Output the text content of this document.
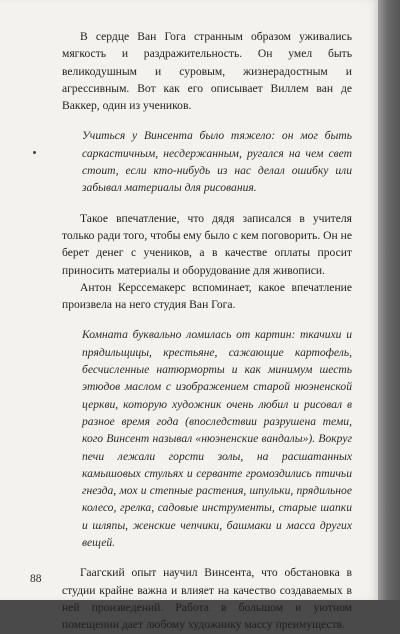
В сердце Ван Гога странным образом уживались мягкость и раздражительность. Он умел быть великодушным и суровым, жизнерадостным и агрессивным. Вот как его описывает Виллем ван де Ваккер, один из учеников.

Учиться у Винсента было тяжело: он мог быть саркастичным, несдержанным, ругался на чем свет стоит, если кто-нибудь из нас делал ошибку или забывал материалы для рисования.

Такое впечатление, что дядя записался в учителя только ради того, чтобы ему было с кем поговорить. Он не берет денег с учеников, а в качестве оплаты просит приносить материалы и оборудование для живописи.

Антон Керссемакерс вспоминает, какое впечатление произвела на него студия Ван Гога.

Комната буквально ломилась от картин: ткачихи и прядильщицы, крестьяне, сажающие картофель, бесчисленные натюрморты и как минимум шесть этюдов маслом с изображением старой нюэненской церкви, которую художник очень любил и рисовал в разное время года (впоследствии разрушена теми, кого Винсент называл «нюэненские вандалы»). Вокруг печи лежали горсти золы, на расшатанных камышовых стульях и серванте громоздились птичьи гнезда, мох и степные растения, шпульки, прядильное колесо, грелка, садовые инструменты, старые шапки и шляпы, женские чепчики, башмаки и масса других вещей.

Гаагский опыт научил Винсента, что обстановка в студии крайне важна и влияет на качество создаваемых в ней произведений. Работа в большом и уютном помещении дает любому художнику массу преимуществ.

88
